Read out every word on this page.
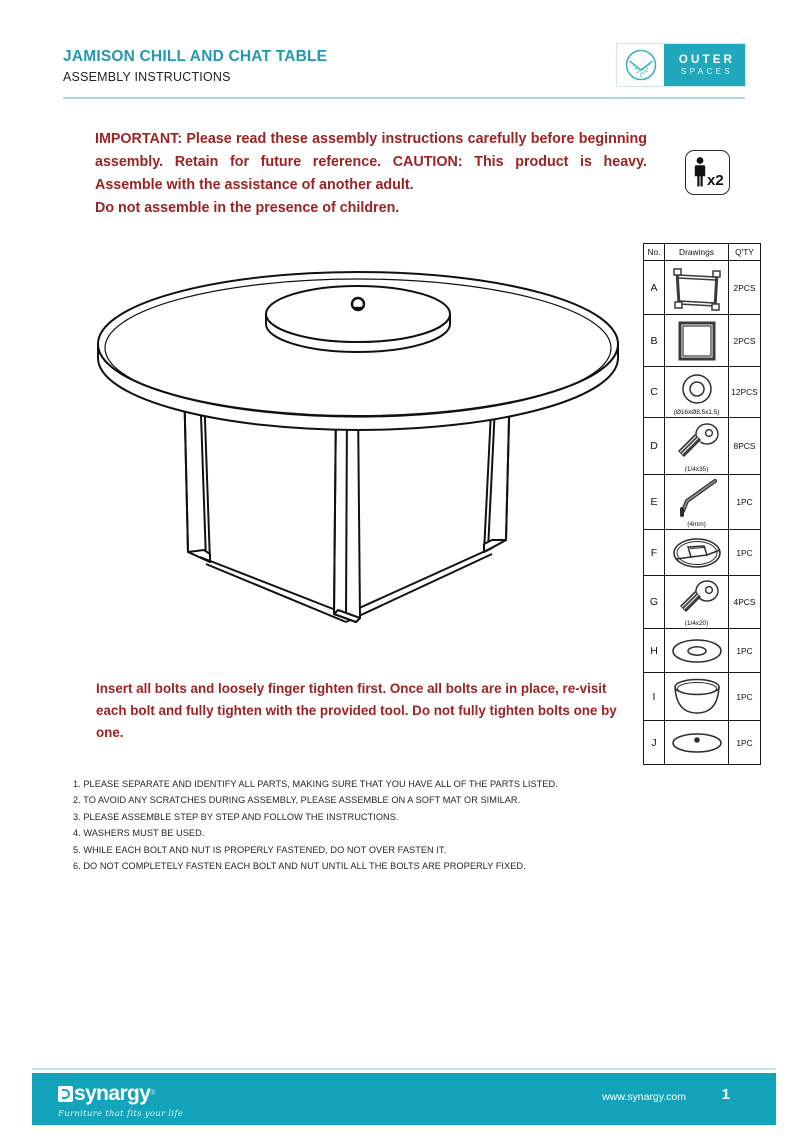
JAMISON CHILL AND CHAT TABLE
ASSEMBLY INSTRUCTIONS
OUTER
SPACES
IMPORTANT: Please read these assembly instructions carefully before beginning assembly. Retain for future reference. CAUTION: This product is heavy. Assemble with the assistance of another adult.
Do not assemble in the presence of children.
x2
Insert all bolts and loosely finger tighten first. Once all bolts are in place, re-visit each bolt and fully tighten with the provided tool. Do not fully tighten bolts one by one.
1. PLEASE SEPARATE AND IDENTIFY ALL PARTS, MAKING SURE THAT YOU HAVE ALL OF THE PARTS LISTED.
2. TO AVOID ANY SCRATCHES DURING ASSEMBLY, PLEASE ASSEMBLE ON A SOFT MAT OR SIMILAR.
3. PLEASE ASSEMBLE STEP BY STEP AND FOLLOW THE INSTRUCTIONS.
4. WASHERS MUST BE USED.
5. WHILE EACH BOLT AND NUT IS PROPERLY FASTENED, DO NOT OVER FASTEN IT.
6. DO NOT COMPLETELY FASTEN EACH BOLT AND NUT UNTIL ALL THE BOLTS ARE PROPERLY FIXED.
No.	Drawings	Q'TY
A		2PCS
B		2PCS
C	(Ø16xØ8.5x1.5)	12PCS
D	(1/4x35)	8PCS
E	(4mm)	1PC
F		1PC
G	(1/4x20)	4PCS
H		1PC
I		1PC
J		1PC
synargy ®
Furniture that fits your life
www.synargy.com 1
